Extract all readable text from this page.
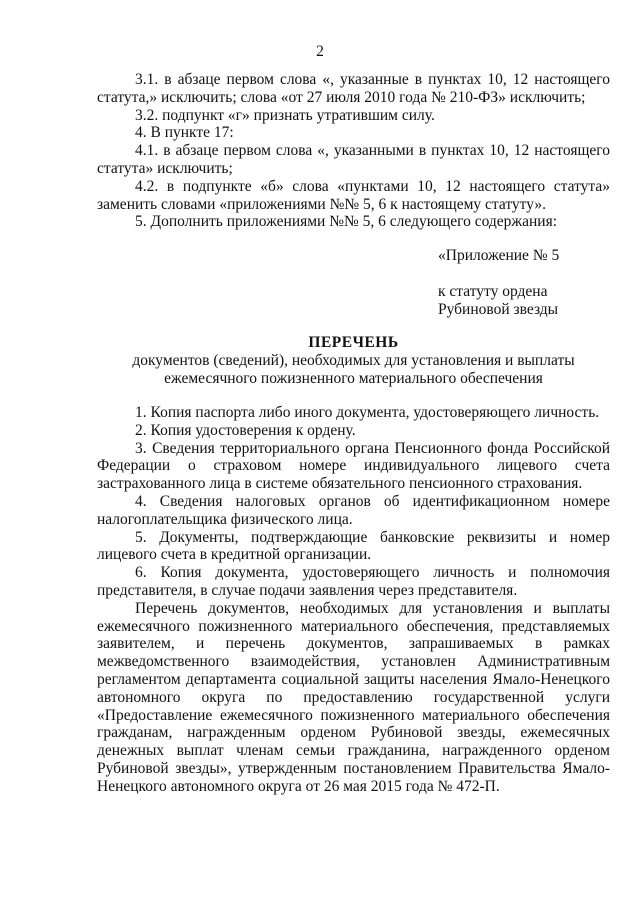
2

3.1. в абзаце первом слова «, указанные в пунктах 10, 12 настоящего статута,» исключить; слова «от 27 июля 2010 года № 210-ФЗ» исключить;

3.2. подпункт «г» признать утратившим силу.

4. В пункте 17:

4.1. в абзаце первом слова «, указанными в пунктах 10, 12 настоящего статута» исключить;

4.2. в подпункте «б» слова «пунктами 10, 12 настоящего статута» заменить словами «приложениями №№ 5, 6 к настоящему статуту».

5. Дополнить приложениями №№ 5, 6 следующего содержания:

«Приложение № 5
к статуту ордена
Рубиновой звезды
ПЕРЕЧЕНЬ
документов (сведений), необходимых для установления и выплаты ежемесячного пожизненного материального обеспечения

1. Копия паспорта либо иного документа, удостоверяющего личность.

2. Копия удостоверения к ордену.

3. Сведения территориального органа Пенсионного фонда Российской Федерации о страховом номере индивидуального лицевого счета застрахованного лица в системе обязательного пенсионного страхования.

4. Сведения налоговых органов об идентификационном номере налогоплательщика физического лица.

5. Документы, подтверждающие банковские реквизиты и номер лицевого счета в кредитной организации.

6. Копия документа, удостоверяющего личность и полномочия представителя, в случае подачи заявления через представителя.

Перечень документов, необходимых для установления и выплаты ежемесячного пожизненного материального обеспечения, представляемых заявителем, и перечень документов, запрашиваемых в рамках межведомственного взаимодействия, установлен Административным регламентом департамента социальной защиты населения Ямало-Ненецкого автономного округа по предоставлению государственной услуги «Предоставление ежемесячного пожизненного материального обеспечения гражданам, награжденным орденом Рубиновой звезды, ежемесячных денежных выплат членам семьи гражданина, награжденного орденом Рубиновой звезды», утвержденным постановлением Правительства Ямало-Ненецкого автономного округа от 26 мая 2015 года № 472-П.
